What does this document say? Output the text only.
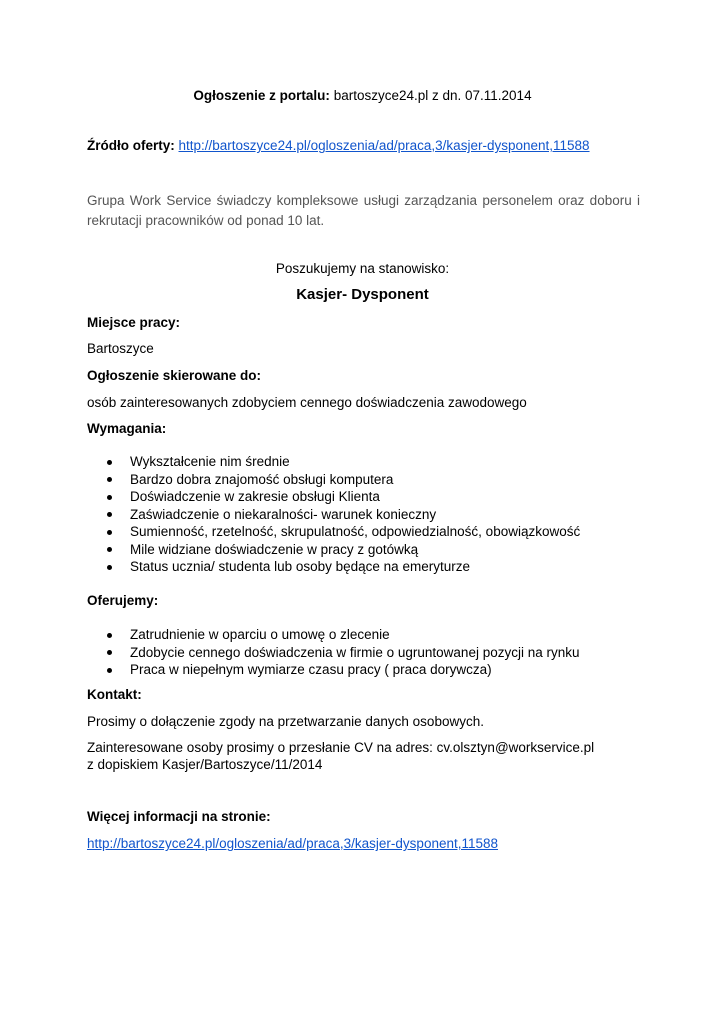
Ogłoszenie z portalu: bartoszyce24.pl z dn. 07.11.2014
Źródło oferty: http://bartoszyce24.pl/ogloszenia/ad/praca,3/kasjer-dysponent,11588
Grupa Work Service świadczy kompleksowe usługi zarządzania personelem oraz doboru i rekrutacji pracowników od ponad 10 lat.
Poszukujemy na stanowisko:
Kasjer- Dysponent
Miejsce pracy:
Bartoszyce
Ogłoszenie skierowane do:
osób zainteresowanych zdobyciem cennego doświadczenia zawodowego
Wymagania:
Wykształcenie nim średnie
Bardzo dobra znajomość obsługi komputera
Doświadczenie w zakresie obsługi Klienta
Zaświadczenie o niekaralności- warunek konieczny
Sumienność, rzetelność, skrupulatność, odpowiedzialność, obowiązkowość
Mile widziane doświadczenie w pracy z gotówką
Status ucznia/ studenta lub osoby będące na emeryturze
Oferujemy:
Zatrudnienie w oparciu o umowę o zlecenie
Zdobycie cennego doświadczenia w firmie o ugruntowanej pozycji na rynku
Praca w niepełnym wymiarze czasu pracy ( praca dorywcza)
Kontakt:
Prosimy o dołączenie zgody na przetwarzanie danych osobowych.
Zainteresowane osoby prosimy o przesłanie CV na adres: cv.olsztyn@workservice.pl
z dopiskiem Kasjer/Bartoszyce/11/2014
Więcej informacji na stronie:
http://bartoszyce24.pl/ogloszenia/ad/praca,3/kasjer-dysponent,11588
